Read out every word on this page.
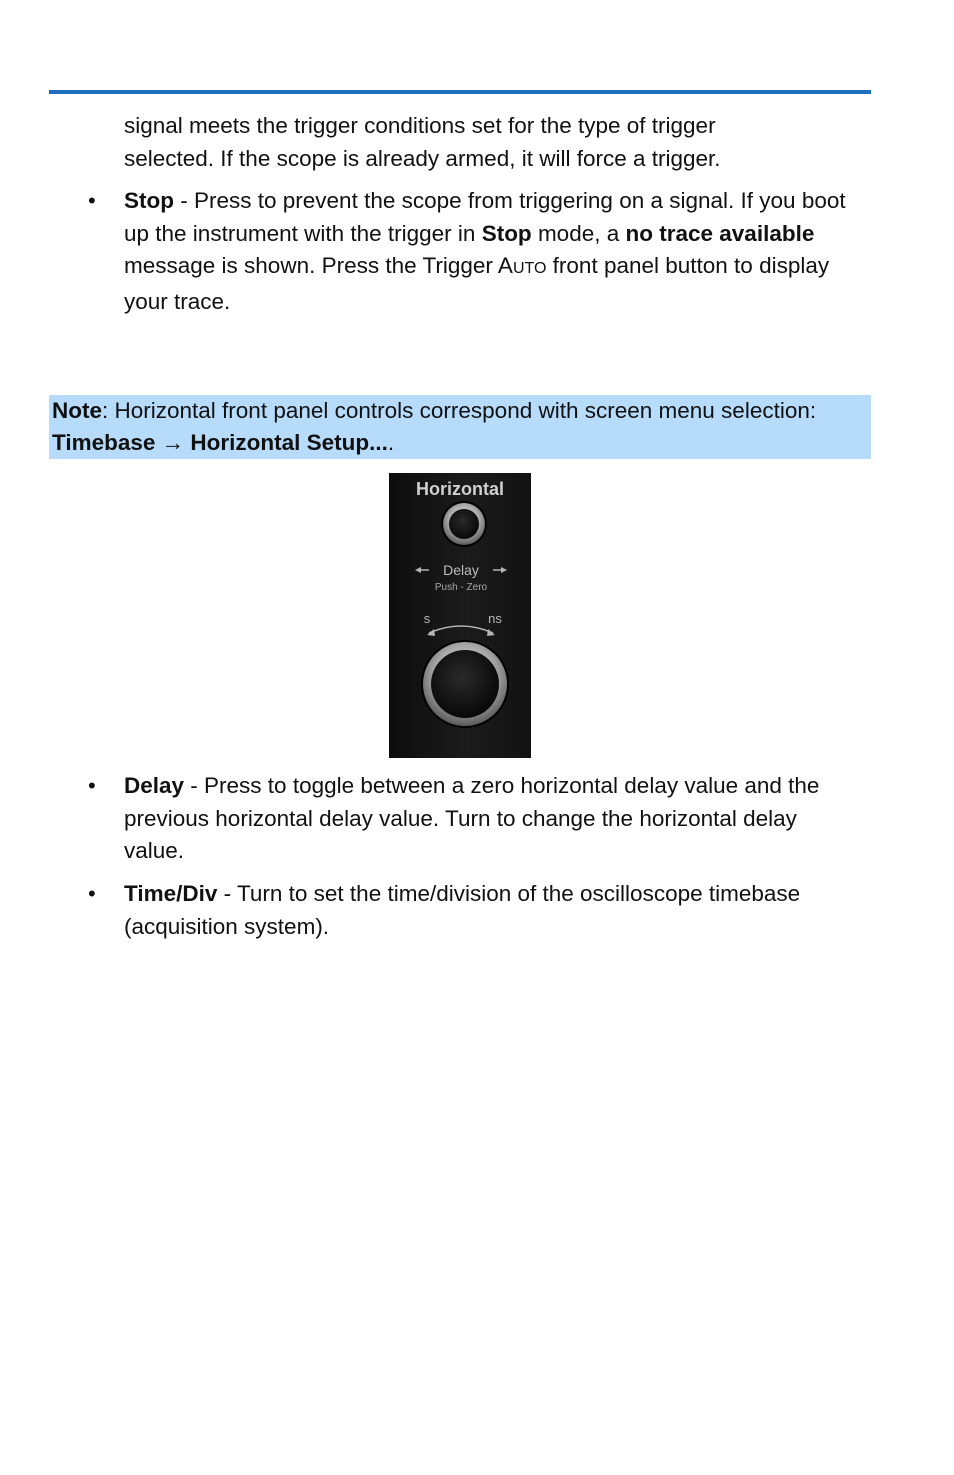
signal meets the trigger conditions set for the type of trigger
selected. If the scope is already armed, it will force a trigger.

• Stop - Press to prevent the scope from triggering on a signal. If you boot up the instrument with the trigger in Stop mode, a no trace available message is shown. Press the Trigger AUTO front panel button to display your trace.

Note: Horizontal front panel controls correspond with screen menu selection: Timebase → Horizontal Setup....

Horizontal
Delay
Push - Zero
s	ns
• Delay - Press to toggle between a zero horizontal delay value and the previous horizontal delay value. Turn to change the horizontal delay value.

• Time/Div - Turn to set the time/division of the oscilloscope timebase (acquisition system).
